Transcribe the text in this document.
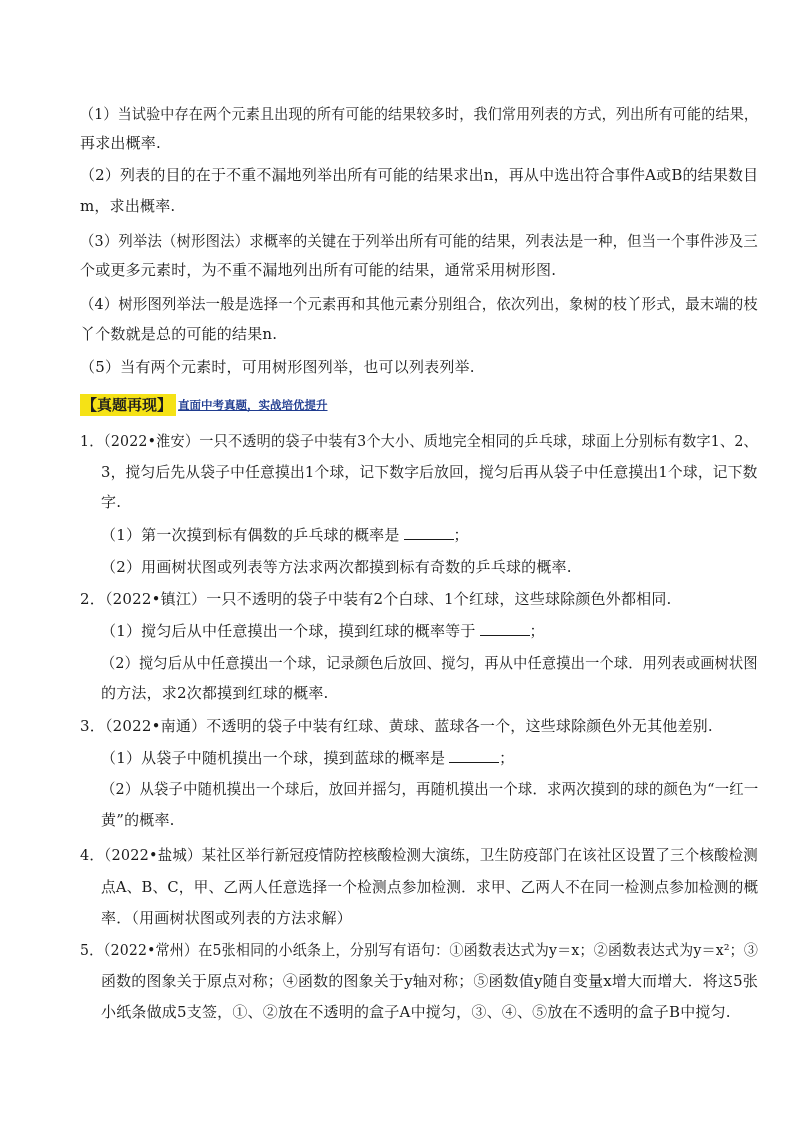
（1）当试验中存在两个元素且出现的所有可能的结果较多时，我们常用列表的方式，列出所有可能的结果，
再求出概率.
（2）列表的目的在于不重不漏地列举出所有可能的结果求出n，再从中选出符合事件A或B的结果数目
m，求出概率.
（3）列举法（树形图法）求概率的关键在于列举出所有可能的结果，列表法是一种，但当一个事件涉及三
个或更多元素时，为不重不漏地列出所有可能的结果，通常采用树形图.
（4）树形图列举法一般是选择一个元素再和其他元素分别组合，依次列出，象树的枝丫形式，最末端的枝
丫个数就是总的可能的结果n.
（5）当有两个元素时，可用树形图列举，也可以列表列举.
【真题再现】 直面中考真题，实战培优提升
1．（2022•淮安）一只不透明的袋子中装有3个大小、质地完全相同的乒乓球，球面上分别标有数字1、2、
3，搅匀后先从袋子中任意摸出1个球，记下数字后放回，搅匀后再从袋子中任意摸出1个球，记下数
字.
（1）第一次摸到标有偶数的乒乓球的概率是	；
（2）用画树状图或列表等方法求两次都摸到标有奇数的乒乓球的概率.
2．（2022•镇江）一只不透明的袋子中装有2个白球、1个红球，这些球除颜色外都相同.
（1）搅匀后从中任意摸出一个球，摸到红球的概率等于	；
（2）搅匀后从中任意摸出一个球，记录颜色后放回、搅匀，再从中任意摸出一个球．用列表或画树状图
的方法，求2次都摸到红球的概率.
3．（2022•南通）不透明的袋子中装有红球、黄球、蓝球各一个，这些球除颜色外无其他差别.
（1）从袋子中随机摸出一个球，摸到蓝球的概率是	；
（2）从袋子中随机摸出一个球后，放回并摇匀，再随机摸出一个球．求两次摸到的球的颜色为“一红一
黄”的概率.
4．（2022•盐城）某社区举行新冠疫情防控核酸检测大演练，卫生防疫部门在该社区设置了三个核酸检测
点A、B、C，甲、乙两人任意选择一个检测点参加检测．求甲、乙两人不在同一检测点参加检测的概
率．（用画树状图或列表的方法求解）
5．（2022•常州）在5张相同的小纸条上，分别写有语句：①函数表达式为y＝x；②函数表达式为y＝x²；③
函数的图象关于原点对称；④函数的图象关于y轴对称；⑤函数值y随自变量x增大而增大．将这5张
小纸条做成5支签，①、②放在不透明的盒子A中搅匀，③、④、⑤放在不透明的盒子B中搅匀.
